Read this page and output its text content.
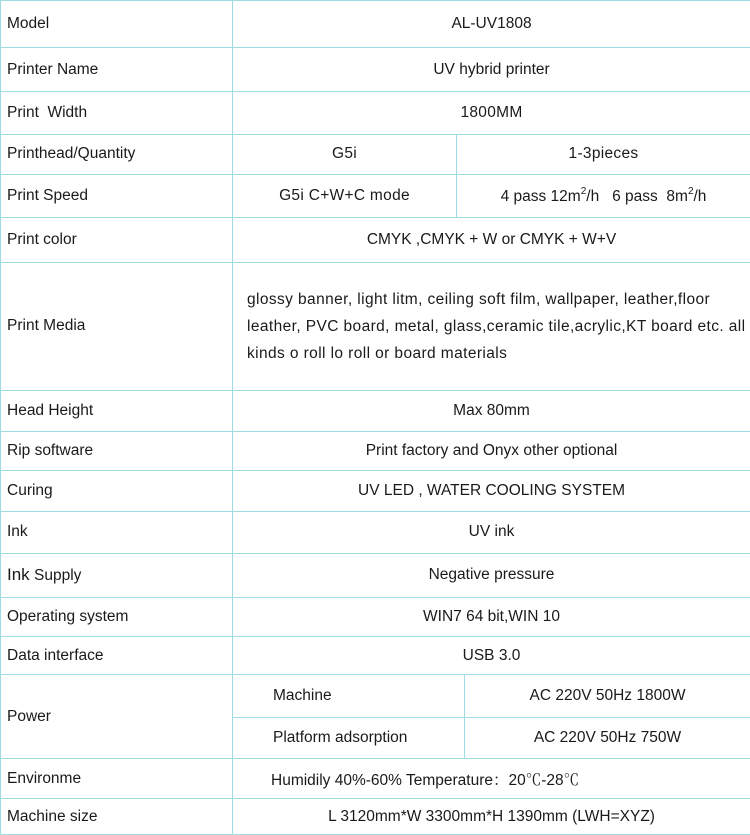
Model	AL-UV1808		
Printer Name	UV hybrid printer		
Print  Width	1800MM		
Printhead/Quantity	G5i	1-3pieces	
Print Speed	G5i C+W+C mode	4 pass $12m^2/h$ 6 pass  $8m^2/h$	
Print color	CMYK ,CMYK + W or CMYK + W+V		
Print Media	glossy banner, light litm, ceiling soft film, wallpaper, leather,floor leather, PVC board, metal, glass,ceramic tile,acrylic,KT board etc. all kinds o roll lo roll or board materials		
Head Height	Max 80mm		
Rip software	Print factory and Onyx other optional		
Curing	UV LED , WATER COOLING SYSTEM		
Ink	UV ink		
Ink Supply	Negative pressure		
Operating system	WIN7 64 bit,WIN 10		
Data interface	USB 3.0		
Power	Machine		AC 220V 50Hz 1800W
	Platform adsorption		AC 220V 50Hz 750W
Environme	Humidily 40%-60% Temperature：20℃-28℃		
Machine size	L 3120mm*W 3300mm*H 1390mm (LWH=XYZ)		
